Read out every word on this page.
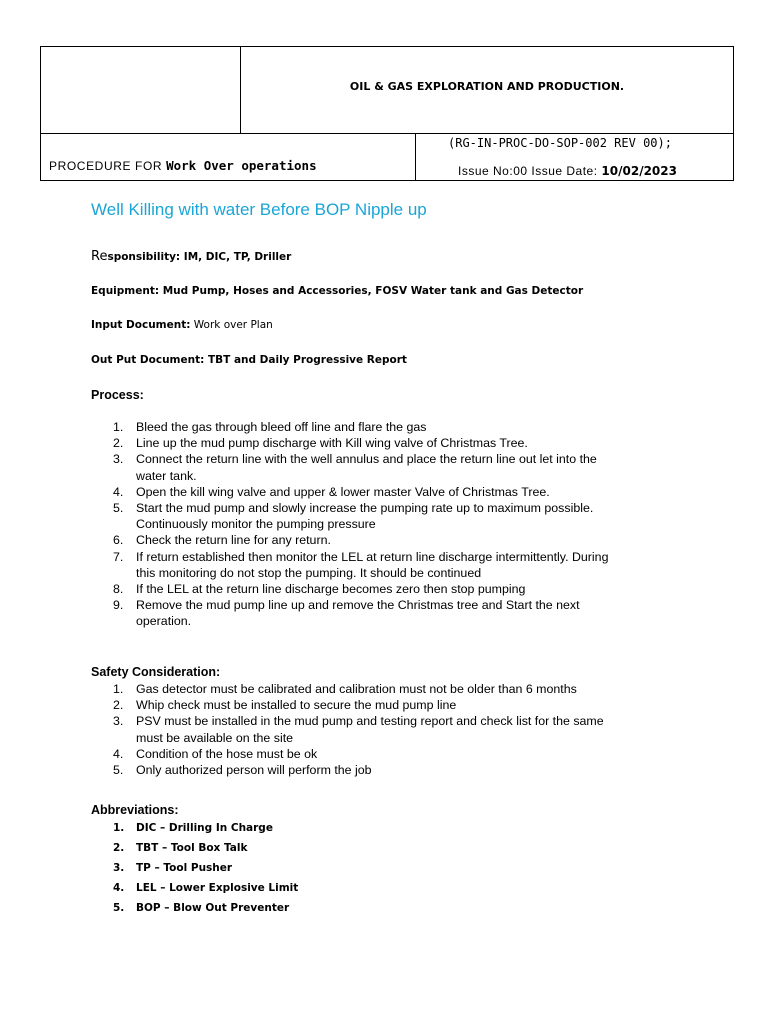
OIL & GAS EXPLORATION AND PRODUCTION.
PROCEDURE FOR Work Over operations
(RG-IN-PROC-DO-SOP-002 REV 00);
Issue No:00 Issue Date: 10/02/2023
Well Killing with water Before BOP Nipple up
Responsibility: IM, DIC, TP, Driller
Equipment: Mud Pump, Hoses and Accessories, FOSV Water tank and Gas Detector
Input Document: Work over Plan
Out Put Document: TBT and Daily Progressive Report
Process:
1. Bleed the gas through bleed off line and flare the gas
2. Line up the mud pump discharge with Kill wing valve of Christmas Tree.
3. Connect the return line with the well annulus and place the return line out let into the
water tank.
4. Open the kill wing valve and upper & lower master Valve of Christmas Tree.
5. Start the mud pump and slowly increase the pumping rate up to maximum possible.
Continuously monitor the pumping pressure
6. Check the return line for any return.
7. If return established then monitor the LEL at return line discharge intermittently. During
this monitoring do not stop the pumping. It should be continued
8. If the LEL at the return line discharge becomes zero then stop pumping
9. Remove the mud pump line up and remove the Christmas tree and Start the next
operation.
Safety Consideration:
1. Gas detector must be calibrated and calibration must not be older than 6 months
2. Whip check must be installed to secure the mud pump line
3. PSV must be installed in the mud pump and testing report and check list for the same
must be available on the site
4. Condition of the hose must be ok
5. Only authorized person will perform the job
Abbreviations:
1. DIC – Drilling In Charge
2. TBT – Tool Box Talk
3. TP – Tool Pusher
4. LEL – Lower Explosive Limit
5. BOP – Blow Out Preventer
